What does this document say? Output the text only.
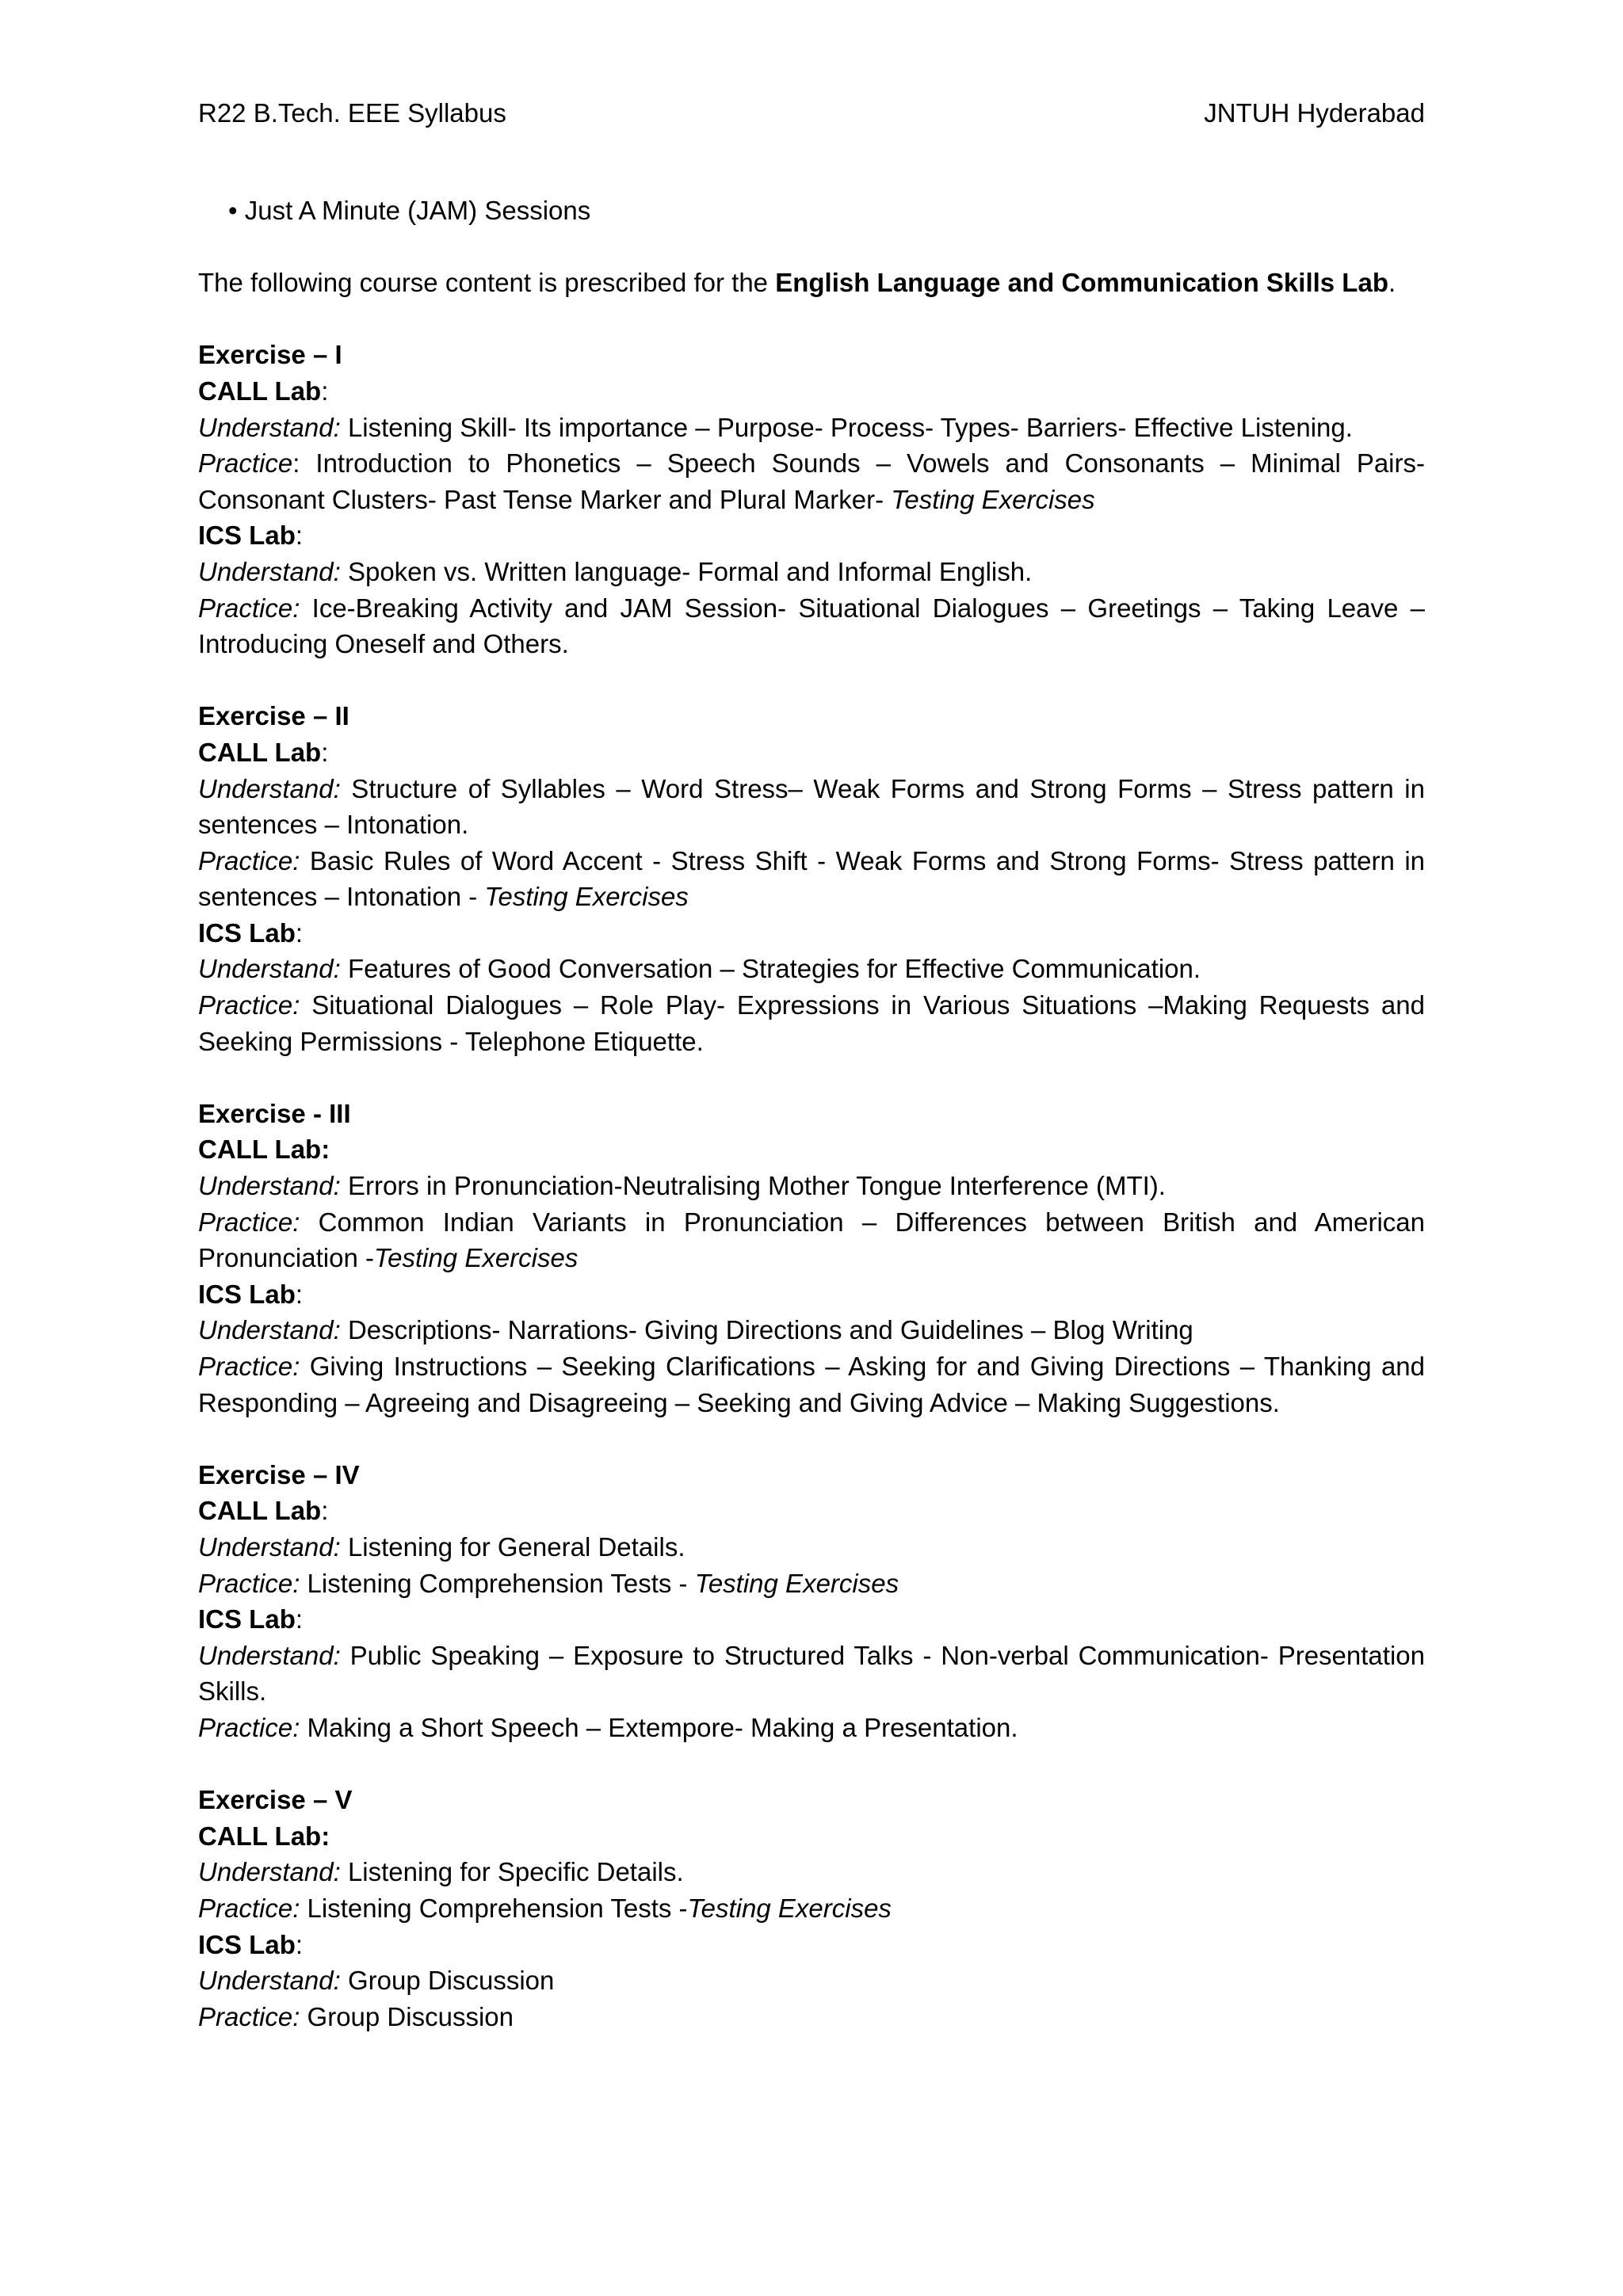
R22 B.Tech. EEE Syllabus	JNTUH Hyderabad
• Just A Minute (JAM) Sessions
The following course content is prescribed for the English Language and Communication Skills Lab.
Exercise – I
CALL Lab:
Understand: Listening Skill- Its importance – Purpose- Process- Types- Barriers- Effective Listening.
Practice: Introduction to Phonetics – Speech Sounds – Vowels and Consonants – Minimal Pairs- Consonant Clusters- Past Tense Marker and Plural Marker- Testing Exercises
ICS Lab:
Understand: Spoken vs. Written language- Formal and Informal English.
Practice: Ice-Breaking Activity and JAM Session- Situational Dialogues – Greetings – Taking Leave – Introducing Oneself and Others.
Exercise – II
CALL Lab:
Understand: Structure of Syllables – Word Stress– Weak Forms and Strong Forms – Stress pattern in sentences – Intonation.
Practice: Basic Rules of Word Accent - Stress Shift - Weak Forms and Strong Forms- Stress pattern in sentences – Intonation - Testing Exercises
ICS Lab:
Understand: Features of Good Conversation – Strategies for Effective Communication.
Practice: Situational Dialogues – Role Play- Expressions in Various Situations –Making Requests and Seeking Permissions - Telephone Etiquette.
Exercise - III
CALL Lab:
Understand: Errors in Pronunciation-Neutralising Mother Tongue Interference (MTI).
Practice: Common Indian Variants in Pronunciation – Differences between British and American Pronunciation -Testing Exercises
ICS Lab:
Understand: Descriptions- Narrations- Giving Directions and Guidelines – Blog Writing
Practice: Giving Instructions – Seeking Clarifications – Asking for and Giving Directions – Thanking and Responding – Agreeing and Disagreeing – Seeking and Giving Advice – Making Suggestions.
Exercise – IV
CALL Lab:
Understand: Listening for General Details.
Practice: Listening Comprehension Tests - Testing Exercises
ICS Lab:
Understand: Public Speaking – Exposure to Structured Talks - Non-verbal Communication- Presentation Skills.
Practice: Making a Short Speech – Extempore- Making a Presentation.
Exercise – V
CALL Lab:
Understand: Listening for Specific Details.
Practice: Listening Comprehension Tests -Testing Exercises
ICS Lab:
Understand: Group Discussion
Practice: Group Discussion
